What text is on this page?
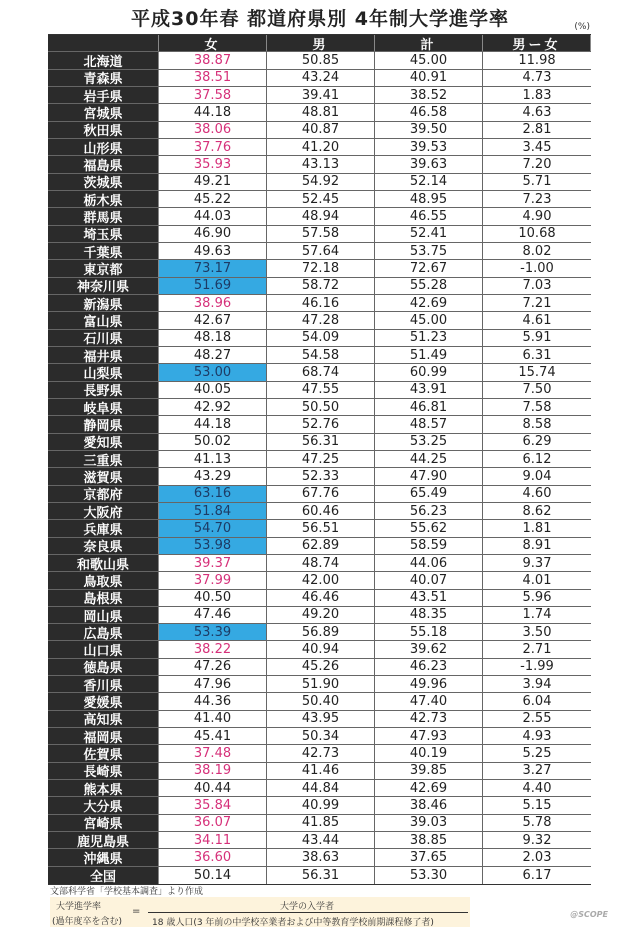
平成30年春 都道府県別 4年制大学進学率	(%)
女	男	計	男ー女
北海道	38.87	50.85	45.00	11.98
青森県	38.51	43.24	40.91	4.73
岩手県	37.58	39.41	38.52	1.83
宮城県	44.18	48.81	46.58	4.63
秋田県	38.06	40.87	39.50	2.81
山形県	37.76	41.20	39.53	3.45
福島県	35.93	43.13	39.63	7.20
茨城県	49.21	54.92	52.14	5.71
栃木県	45.22	52.45	48.95	7.23
群馬県	44.03	48.94	46.55	4.90
埼玉県	46.90	57.58	52.41	10.68
千葉県	49.63	57.64	53.75	8.02
東京都	73.17	72.18	72.67	-1.00
神奈川県	51.69	58.72	55.28	7.03
新潟県	38.96	46.16	42.69	7.21
富山県	42.67	47.28	45.00	4.61
石川県	48.18	54.09	51.23	5.91
福井県	48.27	54.58	51.49	6.31
山梨県	53.00	68.74	60.99	15.74
長野県	40.05	47.55	43.91	7.50
岐阜県	42.92	50.50	46.81	7.58
静岡県	44.18	52.76	48.57	8.58
愛知県	50.02	56.31	53.25	6.29
三重県	41.13	47.25	44.25	6.12
滋賀県	43.29	52.33	47.90	9.04
京都府	63.16	67.76	65.49	4.60
大阪府	51.84	60.46	56.23	8.62
兵庫県	54.70	56.51	55.62	1.81
奈良県	53.98	62.89	58.59	8.91
和歌山県	39.37	48.74	44.06	9.37
鳥取県	37.99	42.00	40.07	4.01
島根県	40.50	46.46	43.51	5.96
岡山県	47.46	49.20	48.35	1.74
広島県	53.39	56.89	55.18	3.50
山口県	38.22	40.94	39.62	2.71
徳島県	47.26	45.26	46.23	-1.99
香川県	47.96	51.90	49.96	3.94
愛媛県	44.36	50.40	47.40	6.04
高知県	41.40	43.95	42.73	2.55
福岡県	45.41	50.34	47.93	4.93
佐賀県	37.48	42.73	40.19	5.25
長崎県	38.19	41.46	39.85	3.27
熊本県	40.44	44.84	42.69	4.40
大分県	35.84	40.99	38.46	5.15
宮崎県	36.07	41.85	39.03	5.78
鹿児島県	34.11	43.44	38.85	9.32
沖縄県	36.60	38.63	37.65	2.03
全国	50.14	56.31	53.30	6.17
文部科学省「学校基本調査」より作成
大学進学率
(過年度卒を含む)
=	大学の入学者
18 歳人口(3 年前の中学校卒業者および中等教育学校前期課程修了者)
@SCOPE
